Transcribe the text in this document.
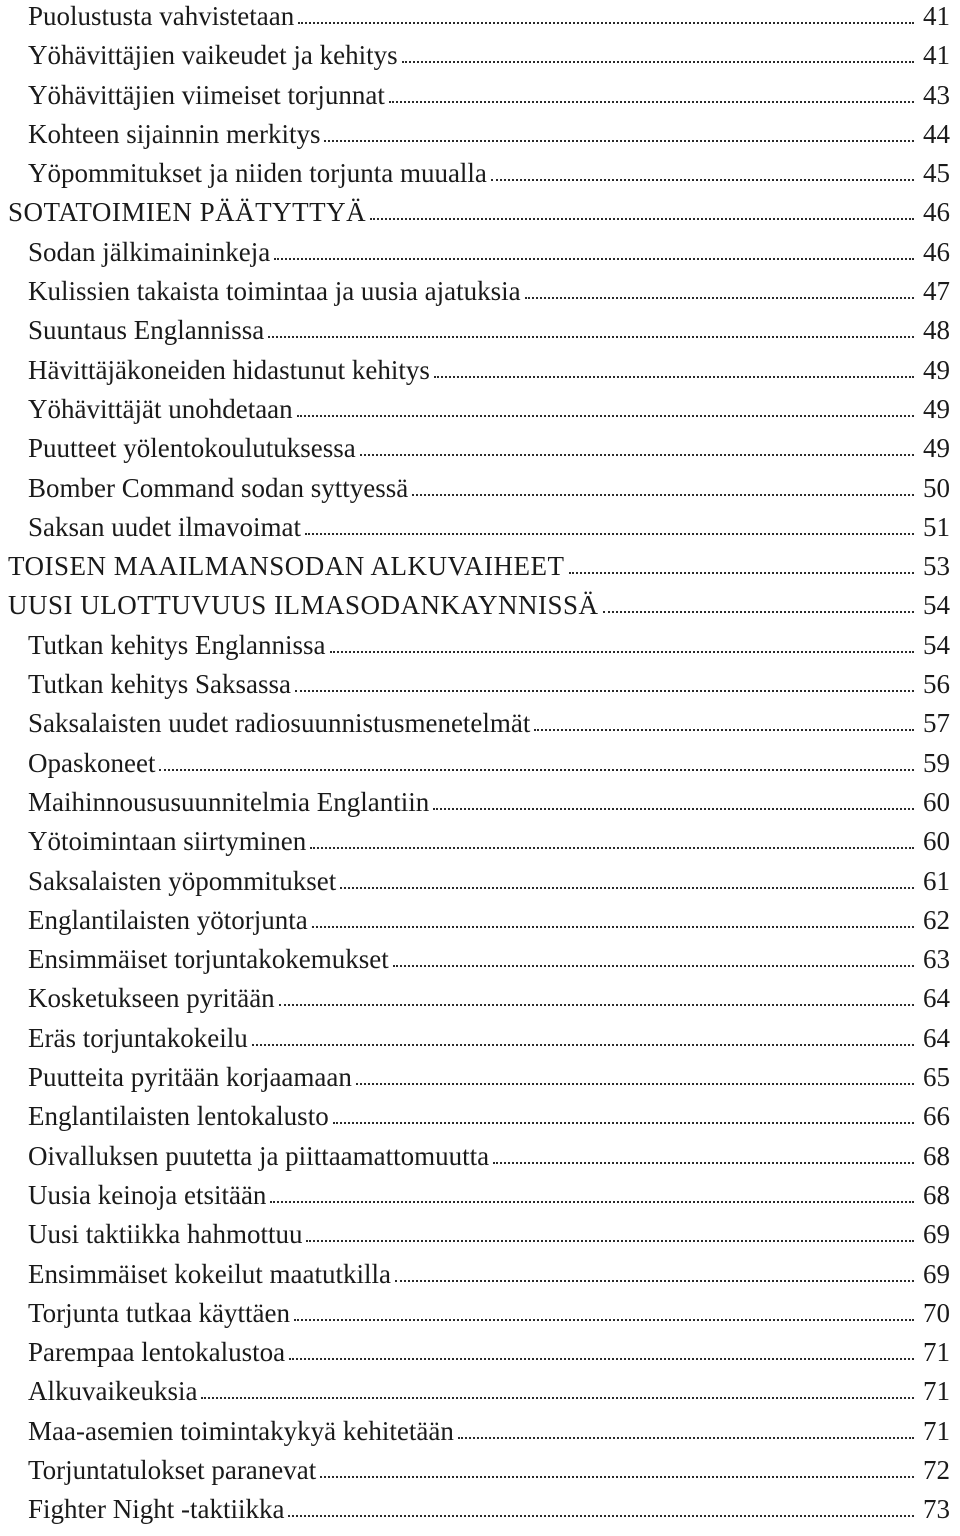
Puolustusta vahvistetaan	41
Yöhävittäjien vaikeudet ja kehitys	41
Yöhävittäjien viimeiset torjunnat	43
Kohteen sijainnin merkitys	44
Yöpommitukset ja niiden torjunta muualla	45
SOTATOIMIEN PÄÄTYTTYÄ	46
Sodan jälkimaininkeja	46
Kulissien takaista toimintaa ja uusia ajatuksia	47
Suuntaus Englannissa	48
Hävittäjäkoneiden hidastunut kehitys	49
Yöhävittäjät unohdetaan	49
Puutteet yölentokoulutuksessa	49
Bomber Command sodan syttyessä	50
Saksan uudet ilmavoimat	51
TOISEN MAAILMANSODAN ALKUVAIHEET	53
UUSI ULOTTUVUUS ILMASODANKAYNNISSÄ	54
Tutkan kehitys Englannissa	54
Tutkan kehitys Saksassa	56
Saksalaisten uudet radiosuunnistusmenetelmät	57
Opaskoneet	59
Maihinnoususuunnitelmia Englantiin	60
Yötoimintaan siirtyminen	60
Saksalaisten yöpommitukset	61
Englantilaisten yötorjunta	62
Ensimmäiset torjuntakokemukset	63
Kosketukseen pyritään	64
Eräs torjuntakokeilu	64
Puutteita pyritään korjaamaan	65
Englantilaisten lentokalusto	66
Oivalluksen puutetta ja piittaamattomuutta	68
Uusia keinoja etsitään	68
Uusi taktiikka hahmottuu	69
Ensimmäiset kokeilut maatutkilla	69
Torjunta tutkaa käyttäen	70
Parempaa lentokalustoa	71
Alkuvaikeuksia	71
Maa-asemien toimintakykyä kehitetään	71
Torjuntatulokset paranevat	72
Fighter Night -taktiikka	73
